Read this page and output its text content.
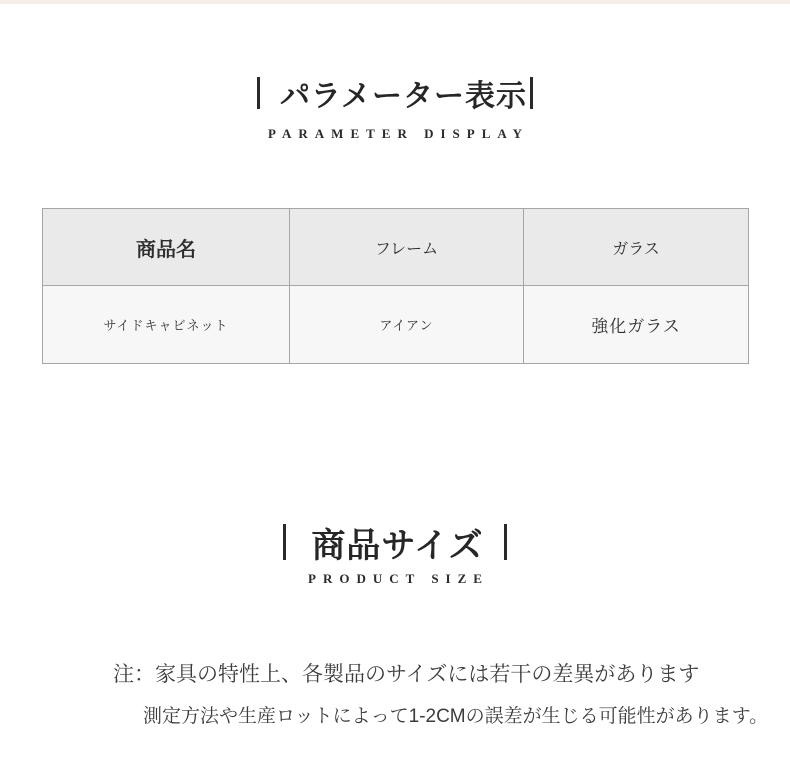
パラメーター表示
PARAMETER DISPLAY
商品名	フレーム	ガラス
サイドキャビネット	アイアン	強化ガラス
商品サイズ
PRODUCT SIZE
注：家具の特性上、各製品のサイズには若干の差異があります
測定方法や生産ロットによって1-2CMの誤差が生じる可能性があります。
